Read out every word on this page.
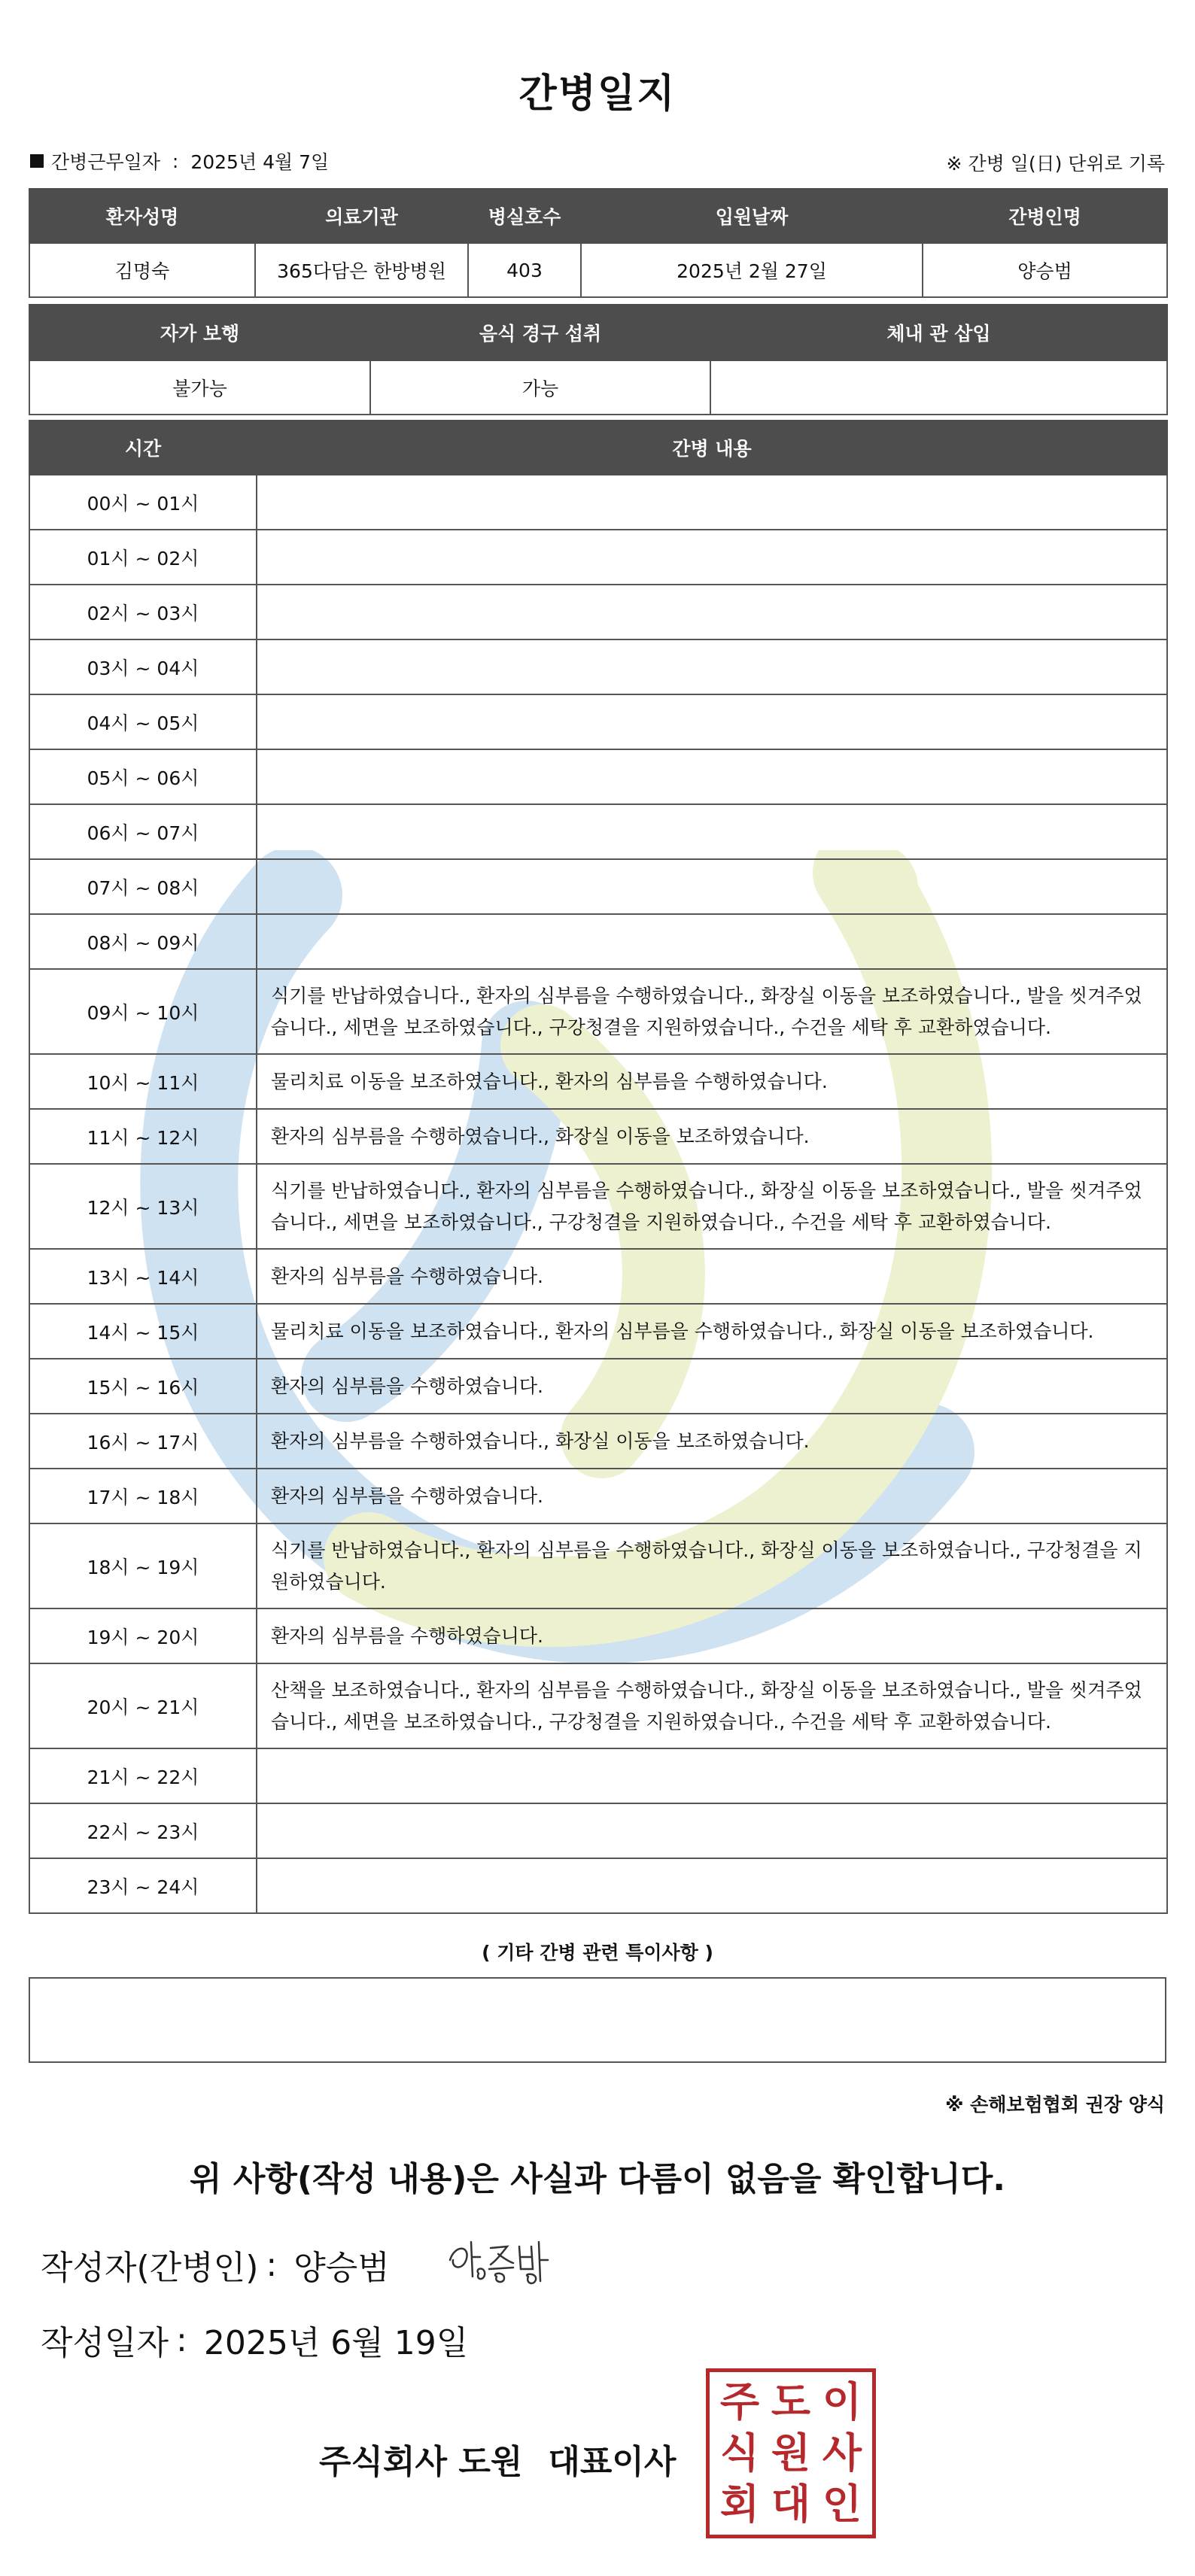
간병일지
간병근무일자 : 2025년 4월 7일	※ 간병 일(日) 단위로 기록
환자성명	의료기관	병실호수	입원날짜	간병인명
김명숙	365다담은 한방병원	403	2025년 2월 27일	양승범
자가 보행	음식 경구 섭취	체내 관 삽입
불가능	가능	
시간	간병 내용
00시 ~ 01시	
01시 ~ 02시	
02시 ~ 03시	
03시 ~ 04시	
04시 ~ 05시	
05시 ~ 06시	
06시 ~ 07시	
07시 ~ 08시	
08시 ~ 09시	
09시 ~ 10시	식기를 반납하였습니다., 환자의 심부름을 수행하였습니다., 화장실 이동을 보조하였습니다., 발을 씻겨주었습니다., 세면을 보조하였습니다., 구강청결을 지원하였습니다., 수건을 세탁 후 교환하였습니다.
10시 ~ 11시	물리치료 이동을 보조하였습니다., 환자의 심부름을 수행하였습니다.
11시 ~ 12시	환자의 심부름을 수행하였습니다., 화장실 이동을 보조하였습니다.
12시 ~ 13시	식기를 반납하였습니다., 환자의 심부름을 수행하였습니다., 화장실 이동을 보조하였습니다., 발을 씻겨주었습니다., 세면을 보조하였습니다., 구강청결을 지원하였습니다., 수건을 세탁 후 교환하였습니다.
13시 ~ 14시	환자의 심부름을 수행하였습니다.
14시 ~ 15시	물리치료 이동을 보조하였습니다., 환자의 심부름을 수행하였습니다., 화장실 이동을 보조하였습니다.
15시 ~ 16시	환자의 심부름을 수행하였습니다.
16시 ~ 17시	환자의 심부름을 수행하였습니다., 화장실 이동을 보조하였습니다.
17시 ~ 18시	환자의 심부름을 수행하였습니다.
18시 ~ 19시	식기를 반납하였습니다., 환자의 심부름을 수행하였습니다., 화장실 이동을 보조하였습니다., 구강청결을 지원하였습니다.
19시 ~ 20시	환자의 심부름을 수행하였습니다.
20시 ~ 21시	산책을 보조하였습니다., 환자의 심부름을 수행하였습니다., 화장실 이동을 보조하였습니다., 발을 씻겨주었습니다., 세면을 보조하였습니다., 구강청결을 지원하였습니다., 수건을 세탁 후 교환하였습니다.
21시 ~ 22시	
22시 ~ 23시	
23시 ~ 24시	
( 기타 간병 관련 특이사항 )
※ 손해보험협회 권장 양식
위 사항(작성 내용)은 사실과 다름이 없음을 확인합니다.
작성자(간병인) : 양승범
작성일자 : 2025년 6월 19일
주식회사 도원 대표이사
주 도 이
식 원 사
회 대 인
